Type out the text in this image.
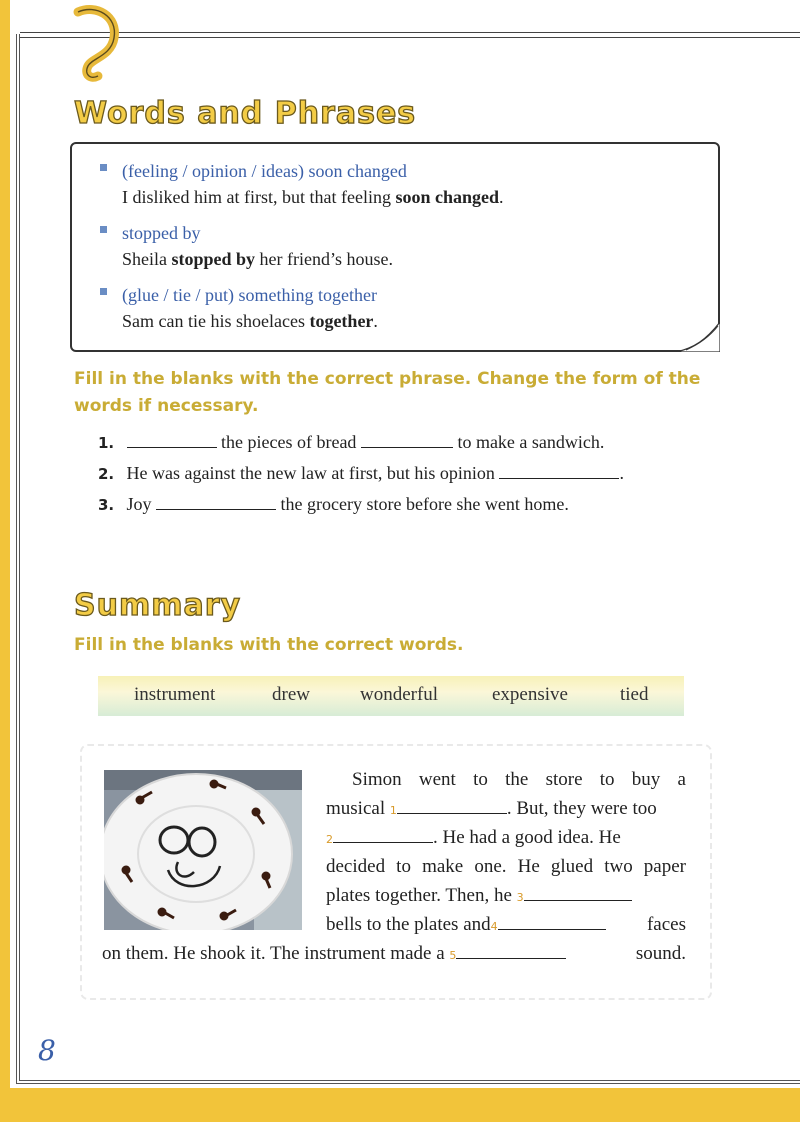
Words and Phrases
(feeling / opinion / ideas) soon changed
I disliked him at first, but that feeling soon changed.
stopped by
Sheila stopped by her friend’s house.
(glue / tie / put) something together
Sam can tie his shoelaces together.
Fill in the blanks with the correct phrase. Change the form of the words if necessary.
1.	the pieces of bread	to make a sandwich.
2. He was against the new law at first, but his opinion	.
3. Joy	the grocery store before she went home.
Summary
Fill in the blanks with the correct words.
instrument	drew	wonderful	expensive	tied
Simon went to the store to buy a
musical 1	. But, they were too
2	. He had a good idea. He
decided to make one. He glued two paper
plates together. Then, he 3
bells to the plates and4	faces
on them. He shook it. The instrument made a 5	sound.
8
